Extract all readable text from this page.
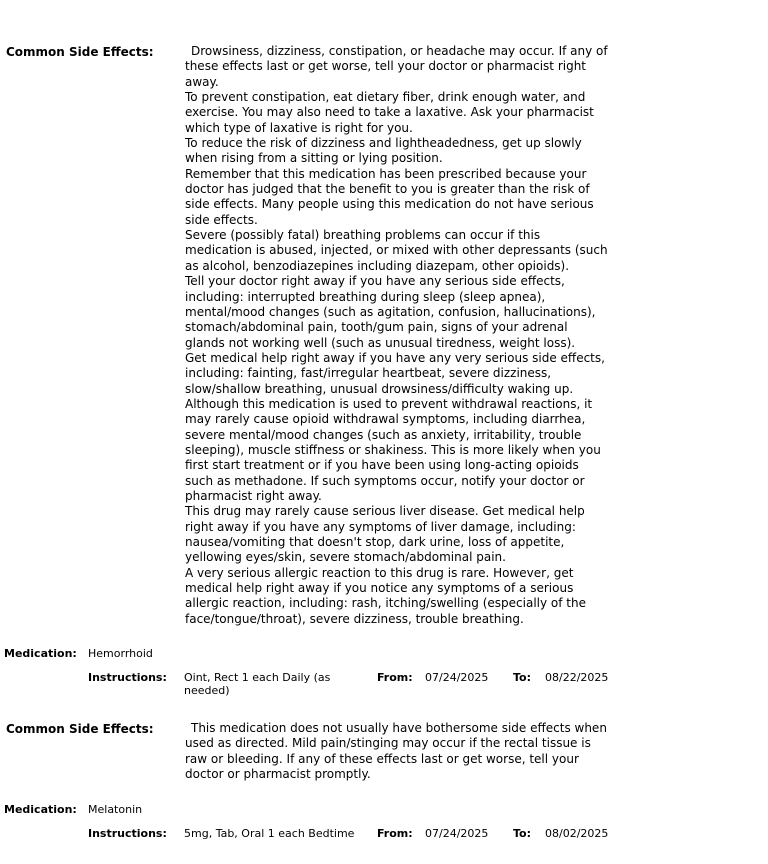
Common Side Effects:	Drowsiness, dizziness, constipation, or headache may occur. If any of these effects last or get worse, tell your doctor or pharmacist right away.

To prevent constipation, eat dietary fiber, drink enough water, and exercise. You may also need to take a laxative. Ask your pharmacist which type of laxative is right for you.

To reduce the risk of dizziness and lightheadedness, get up slowly when rising from a sitting or lying position.

Remember that this medication has been prescribed because your doctor has judged that the benefit to you is greater than the risk of side effects. Many people using this medication do not have serious side effects.

Severe (possibly fatal) breathing problems can occur if this medication is abused, injected, or mixed with other depressants (such as alcohol, benzodiazepines including diazepam, other opioids).

Tell your doctor right away if you have any serious side effects, including: interrupted breathing during sleep (sleep apnea), mental/mood changes (such as agitation, confusion, hallucinations), stomach/abdominal pain, tooth/gum pain, signs of your adrenal glands not working well (such as unusual tiredness, weight loss).

Get medical help right away if you have any very serious side effects, including: fainting, fast/irregular heartbeat, severe dizziness, slow/shallow breathing, unusual drowsiness/difficulty waking up.

Although this medication is used to prevent withdrawal reactions, it may rarely cause opioid withdrawal symptoms, including diarrhea, severe mental/mood changes (such as anxiety, irritability, trouble sleeping), muscle stiffness or shakiness. This is more likely when you first start treatment or if you have been using long-acting opioids such as methadone. If such symptoms occur, notify your doctor or pharmacist right away.

This drug may rarely cause serious liver disease. Get medical help right away if you have any symptoms of liver damage, including: nausea/vomiting that doesn't stop, dark urine, loss of appetite, yellowing eyes/skin, severe stomach/abdominal pain.

A very serious allergic reaction to this drug is rare. However, get medical help right away if you notice any symptoms of a serious allergic reaction, including: rash, itching/swelling (especially of the face/tongue/throat), severe dizziness, trouble breathing.

Medication: Hemorrhoid
Instructions: Oint, Rect 1 each Daily (as needed)
From: 07/24/2025 To: 08/22/2025
Common Side Effects:	This medication does not usually have bothersome side effects when used as directed. Mild pain/stinging may occur if the rectal tissue is raw or bleeding. If any of these effects last or get worse, tell your doctor or pharmacist promptly.

Medication: Melatonin
Instructions: 5mg, Tab, Oral 1 each Bedtime	From: 07/24/2025 To: 08/02/2025
